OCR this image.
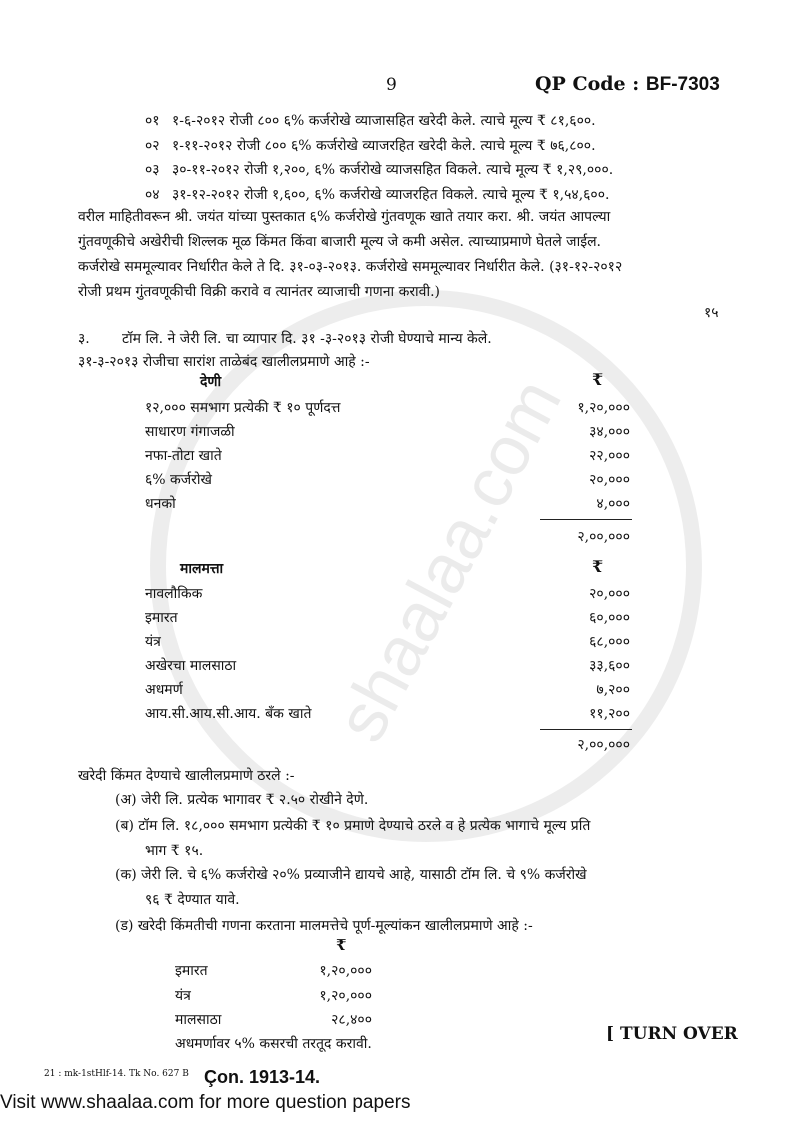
shaalaa.com
9	QP Code : BF-7303
०१ १-६-२०१२ रोजी ८०० ६% कर्जरोखे व्याजासहित खरेदी केले. त्याचे मूल्य ₹ ८१,६००.
०२ १-११-२०१२ रोजी ८०० ६% कर्जरोखे व्याजरहित खरेदी केले. त्याचे मूल्य ₹ ७६,८००.
०३ ३०-११-२०१२ रोजी १,२००, ६% कर्जरोखे व्याजसहित विकले. त्याचे मूल्य ₹ १,२९,०००.
०४ ३१-१२-२०१२ रोजी १,६००, ६% कर्जरोखे व्याजरहित विकले. त्याचे मूल्य ₹ १,५४,६००.
वरील माहितीवरून श्री. जयंत यांच्या पुस्तकात ६% कर्जरोखे गुंतवणूक खाते तयार करा. श्री. जयंत आपल्या
गुंतवणूकीचे अखेरीची शिल्लक मूळ किंमत किंवा बाजारी मूल्य जे कमी असेल. त्याच्याप्रमाणे घेतले जाईल.
कर्जरोखे सममूल्यावर निर्धारीत केले ते दि. ३१-०३-२०१३. कर्जरोखे सममूल्यावर निर्धारीत केले. (३१-१२-२०१२
रोजी प्रथम गुंतवणूकीची विक्री करावे व त्यानंतर व्याजाची गणना करावी.)
१५
३. टॉम लि. ने जेरी लि. चा व्यापार दि. ३१ -३-२०१३ रोजी घेण्याचे मान्य केले.
३१-३-२०१३ रोजीचा सारांश ताळेबंद खालीलप्रमाणे आहे :-
देणी	₹
१२,००० समभाग प्रत्येकी ₹ १० पूर्णदत्त	१,२०,०००
साधारण गंगाजळी	३४,०००
नफा-तोटा खाते	२२,०००
६% कर्जरोखे	२०,०००
धनको	४,०००
२,००,०००
मालमत्ता	₹
नावलौकिक	२०,०००
इमारत	६०,०००
यंत्र	६८,०००
अखेरचा मालसाठा	३३,६००
अधमर्ण	७,२००
आय.सी.आय.सी.आय. बँक खाते	११,२००
२,००,०००
खरेदी किंमत देण्याचे खालीलप्रमाणे ठरले :-
(अ) जेरी लि. प्रत्येक भागावर ₹ २.५० रोखीने देणे.
(ब) टॉम लि. १८,००० समभाग प्रत्येकी ₹ १० प्रमाणे देण्याचे ठरले व हे प्रत्येक भागाचे मूल्य प्रति
भाग ₹ १५.
(क) जेरी लि. चे ६% कर्जरोखे २०% प्रव्याजीने द्यायचे आहे, यासाठी टॉम लि. चे ९% कर्जरोखे
९६ ₹ देण्यात यावे.
(ड) खरेदी किंमतीची गणना करताना मालमत्तेचे पूर्ण-मूल्यांकन खालीलप्रमाणे आहे :-
₹
इमारत	१,२०,०००
यंत्र	१,२०,०००
मालसाठा	२८,४००
अधमर्णावर ५% कसरची तरतूद करावी.	[ TURN OVER
21 : mk-1stHlf-14. Tk No. 627 B Çon. 1913-14.
Visit www.shaalaa.com for more question papers
